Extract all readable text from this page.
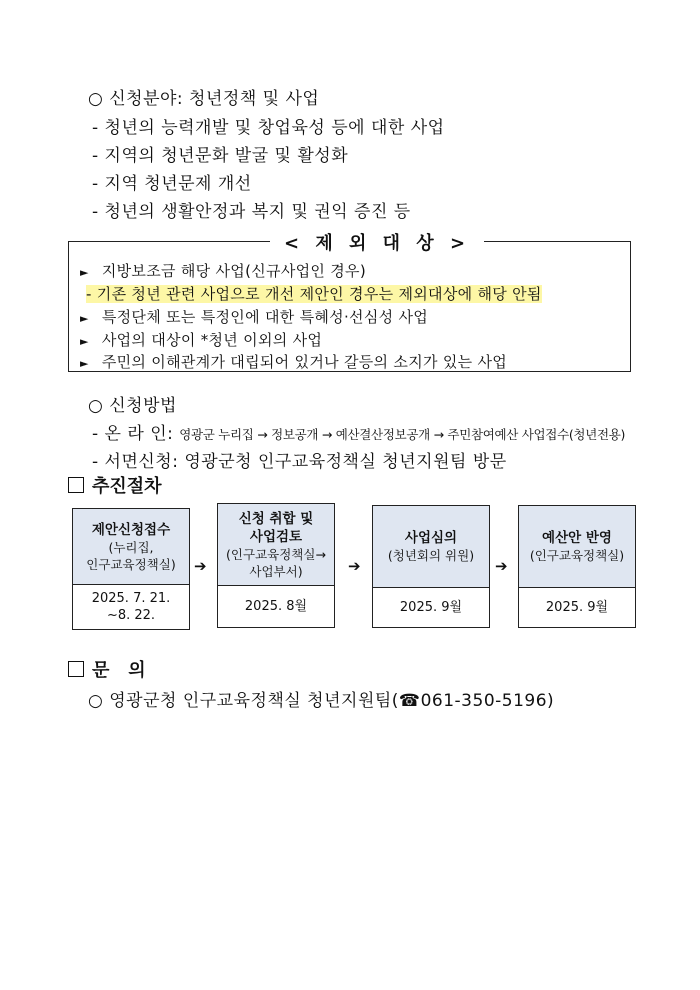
○ 신청분야: 청년정책 및 사업
- 청년의 능력개발 및 창업육성 등에 대한 사업
- 지역의 청년문화 발굴 및 활성화
- 지역 청년문제 개선
- 청년의 생활안정과 복지 및 권익 증진 등
< 제 외 대 상 >
► 지방보조금 해당 사업(신규사업인 경우)
- 기존 청년 관련 사업으로 개선 제안인 경우는 제외대상에 해당 안됨
► 특정단체 또는 특정인에 대한 특혜성·선심성 사업
► 사업의 대상이 *청년 이외의 사업
► 주민의 이해관계가 대립되어 있거나 갈등의 소지가 있는 사업
○ 신청방법
- 온 라 인: 영광군 누리집 → 정보공개 → 예산결산정보공개 → 주민참여예산 사업접수(청년전용)
- 서면신청: 영광군청 인구교육정책실 청년지원팀 방문
추진절차
제안신청접수
(누리집,
인구교육정책실)
2025. 7. 21.
~8. 22.
➔
신청 취합 및
사업검토
(인구교육정책실→
사업부서)
2025. 8월
➔
사업심의
(청년회의 위원)
2025. 9월
➔
예산안 반영
(인구교육정책실)
2025. 9월
문   의
○ 영광군청 인구교육정책실 청년지원팀(☎061-350-5196)
